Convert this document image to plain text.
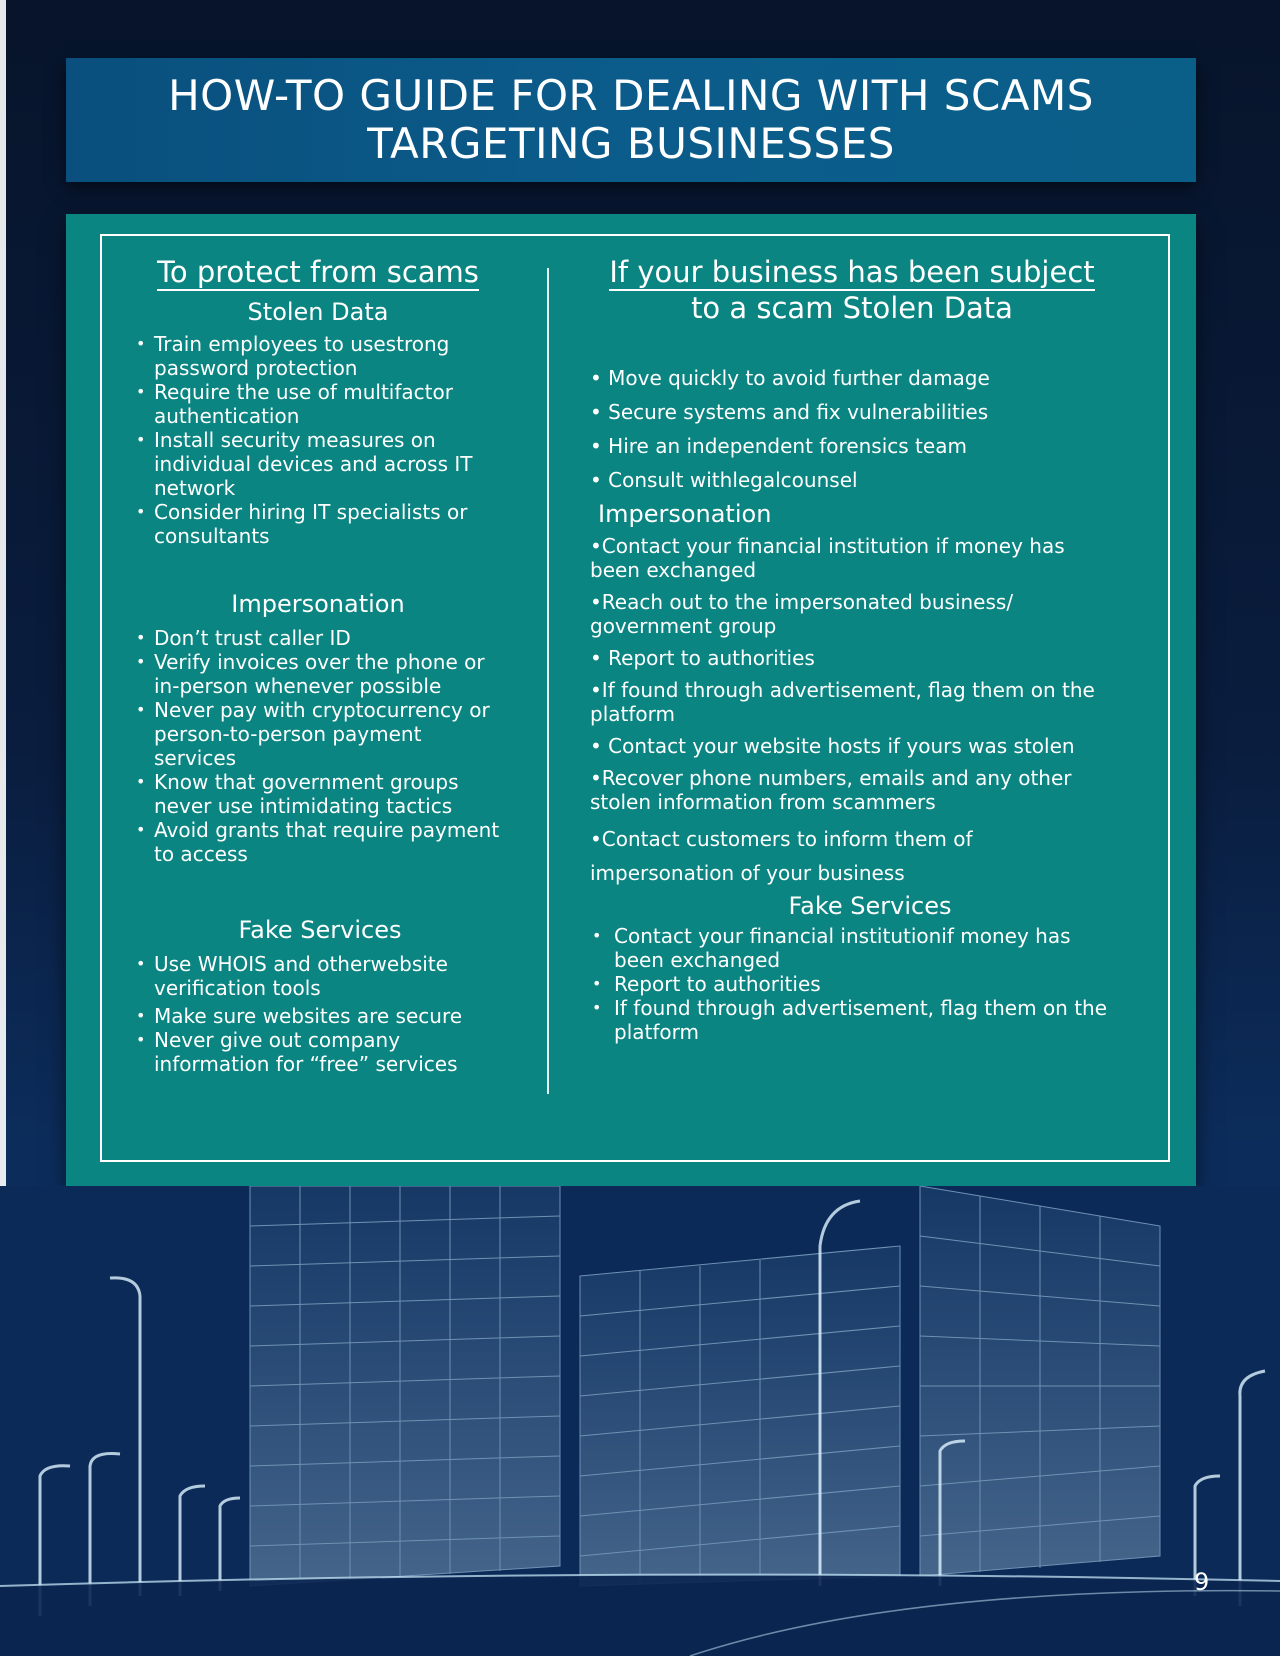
HOW-TO GUIDE FOR DEALING WITH SCAMS TARGETING BUSINESSES
To protect from scams
Stolen Data
• Train employees to usestrong password protection
• Require the use of multifactor authentication
• Install security measures on individual devices and across IT network
• Consider hiring IT specialists or consultants
Impersonation
• Don’t trust caller ID
• Verify invoices over the phone or in-person whenever possible
• Never pay with cryptocurrency or person-to-person payment services
• Know that government groups never use intimidating tactics
• Avoid grants that require payment to access
Fake Services
• Use WHOIS and otherwebsite verification tools
• Make sure websites are secure
• Never give out company information for “free” services
If your business has been subject
to a scam Stolen Data
• Move quickly to avoid further damage
• Secure systems and fix vulnerabilities
• Hire an independent forensics team
• Consult withlegalcounsel
Impersonation
•Contact your financial institution if money has been exchanged
•Reach out to the impersonated business/ government group
• Report to authorities
•If found through advertisement, flag them on the platform
• Contact your website hosts if yours was stolen
•Recover phone numbers, emails and any other stolen information from scammers
•Contact customers to inform them of impersonation of your business
Fake Services
• Contact your financial institutionif money has been exchanged
• Report to authorities
• If found through advertisement, flag them on the platform
9
